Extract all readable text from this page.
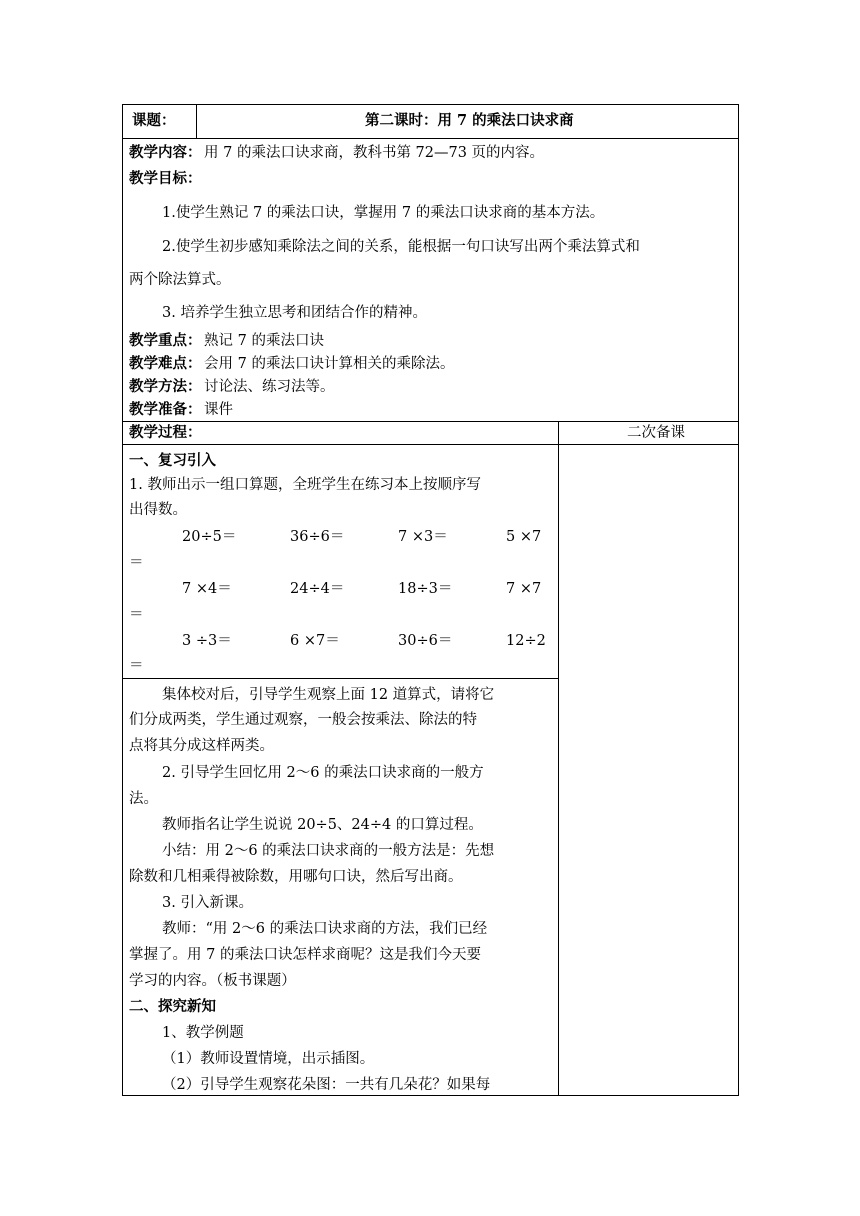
课题：	第二课时：用 7 的乘法口诀求商
教学内容： 用 7 的乘法口诀求商，教科书第 72—73 页的内容。
教学目标：
1.使学生熟记 7 的乘法口诀，掌握用 7 的乘法口诀求商的基本方法。
2.使学生初步感知乘除法之间的关系，能根据一句口诀写出两个乘法算式和
两个除法算式。
3. 培养学生独立思考和团结合作的精神。
教学重点： 熟记 7 的乘法口诀
教学难点： 会用 7 的乘法口诀计算相关的乘除法。
教学方法： 讨论法、练习法等。
教学准备： 课件
教学过程：	二次备课
一、复习引入
1. 教师出示一组口算题，全班学生在练习本上按顺序写
出得数。
20÷5＝	36÷6＝	7 ×3＝	5 ×7
＝
7 ×4＝	24÷4＝	18÷3＝	7 ×7
＝
3 ÷3＝	6 ×7＝	30÷6＝	12÷2
＝
集体校对后，引导学生观察上面 12 道算式，请将它
们分成两类，学生通过观察，一般会按乘法、除法的特
点将其分成这样两类。
2. 引导学生回忆用 2～6 的乘法口诀求商的一般方
法。
教师指名让学生说说 20÷5、24÷4 的口算过程。
小结：用 2～6 的乘法口诀求商的一般方法是：先想
除数和几相乘得被除数，用哪句口诀，然后写出商。
3. 引入新课。
教师：“用 2～6 的乘法口诀求商的方法，我们已经
掌握了。用 7 的乘法口诀怎样求商呢？这是我们今天要
学习的内容。（板书课题）
二、探究新知
1、教学例题
（1）教师设置情境，出示插图。
（2）引导学生观察花朵图：一共有几朵花？如果每
